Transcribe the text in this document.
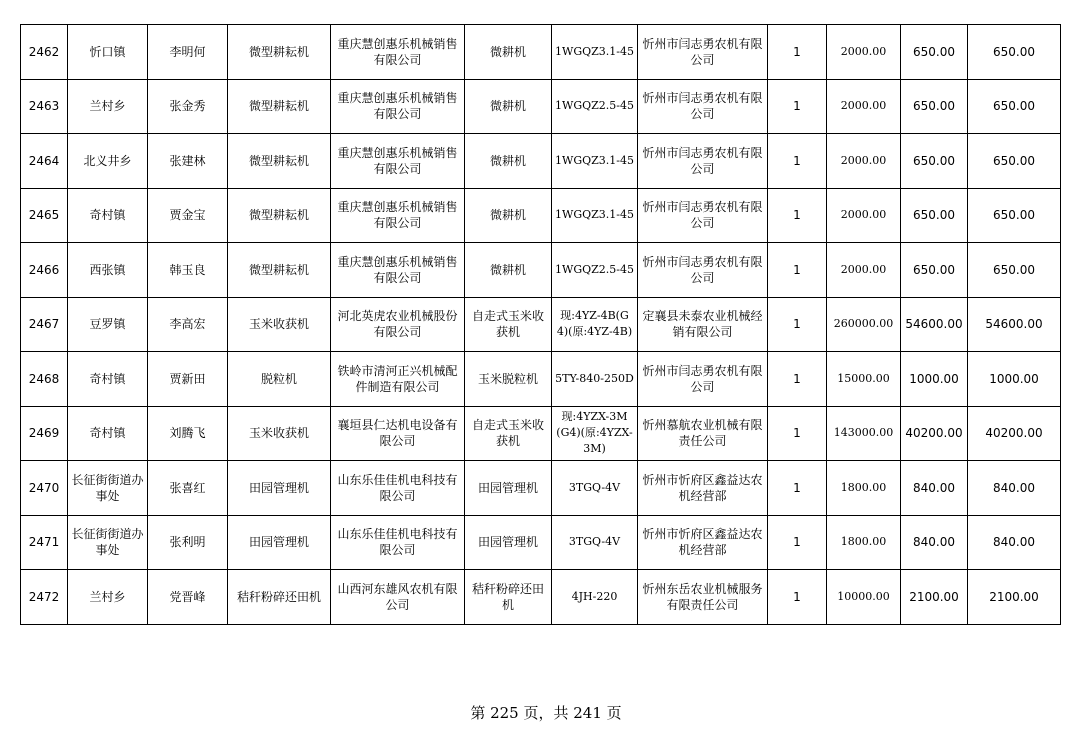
2462	忻口镇	李明何	微型耕耘机	重庆慧创惠乐机械销售有限公司	微耕机	1WGQZ3.1-45	忻州市闫志勇农机有限公司	1	2000.00	650.00	650.00
2463	兰村乡	张金秀	微型耕耘机	重庆慧创惠乐机械销售有限公司	微耕机	1WGQZ2.5-45	忻州市闫志勇农机有限公司	1	2000.00	650.00	650.00
2464	北义井乡	张建林	微型耕耘机	重庆慧创惠乐机械销售有限公司	微耕机	1WGQZ3.1-45	忻州市闫志勇农机有限公司	1	2000.00	650.00	650.00
2465	奇村镇	贾金宝	微型耕耘机	重庆慧创惠乐机械销售有限公司	微耕机	1WGQZ3.1-45	忻州市闫志勇农机有限公司	1	2000.00	650.00	650.00
2466	西张镇	韩玉良	微型耕耘机	重庆慧创惠乐机械销售有限公司	微耕机	1WGQZ2.5-45	忻州市闫志勇农机有限公司	1	2000.00	650.00	650.00
2467	豆罗镇	李高宏	玉米收获机	河北英虎农业机械股份有限公司	自走式玉米收获机	现:4YZ-4B(G4)(原:4YZ-4B)	定襄县未泰农业机械经销有限公司	1	260000.00	54600.00	54600.00
2468	奇村镇	贾新田	脱粒机	铁岭市清河正兴机械配件制造有限公司	玉米脱粒机	5TY-840-250D	忻州市闫志勇农机有限公司	1	15000.00	1000.00	1000.00
2469	奇村镇	刘腾飞	玉米收获机	襄垣县仁达机电设备有限公司	自走式玉米收获机	现:4YZX-3M(G4)(原:4YZX-3M)	忻州慕航农业机械有限责任公司	1	143000.00	40200.00	40200.00
2470	长征街街道办事处	张喜红	田园管理机	山东乐佳佳机电科技有限公司	田园管理机	3TGQ-4V	忻州市忻府区鑫益达农机经营部	1	1800.00	840.00	840.00
2471	长征街街道办事处	张利明	田园管理机	山东乐佳佳机电科技有限公司	田园管理机	3TGQ-4V	忻州市忻府区鑫益达农机经营部	1	1800.00	840.00	840.00
2472	兰村乡	党晋峰	秸秆粉碎还田机	山西河东雄风农机有限公司	秸秆粉碎还田机	4JH-220	忻州东岳农业机械服务有限责任公司	1	10000.00	2100.00	2100.00
第 225 页，共 241 页
